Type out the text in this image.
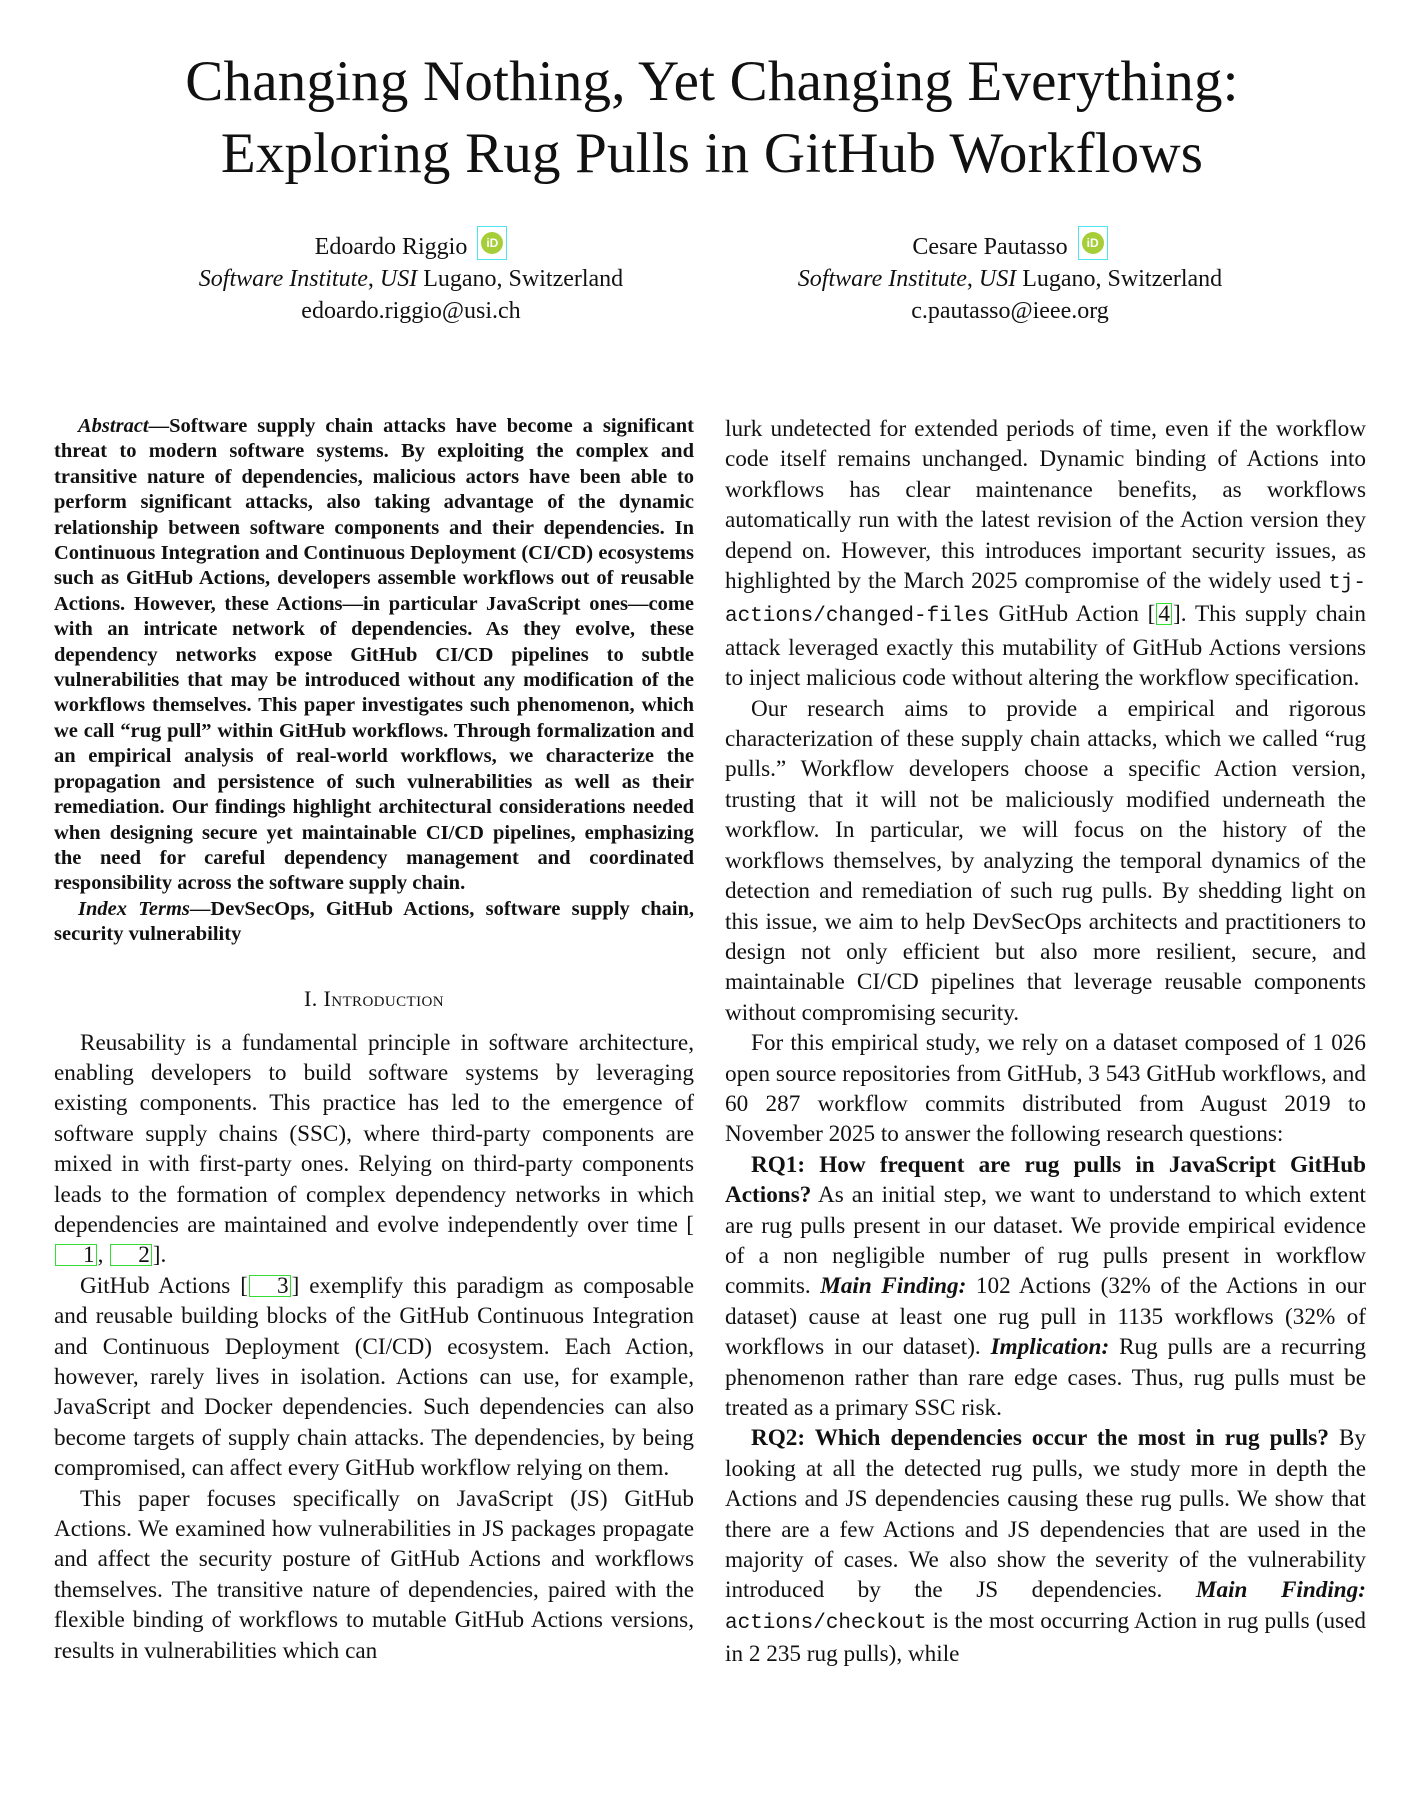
Changing Nothing, Yet Changing Everything:
Exploring Rug Pulls in GitHub Workflows
Edoardo Riggio	iD
Software Institute, USI Lugano, Switzerland
edoardo.riggio@usi.ch
Cesare Pautasso	iD
Software Institute, USI Lugano, Switzerland
c.pautasso@ieee.org

Abstract—Software supply chain attacks have become a significant threat to modern software systems. By exploiting the complex and transitive nature of dependencies, malicious actors have been able to perform significant attacks, also taking advantage of the dynamic relationship between software components and their dependencies. In Continuous Integration and Continuous Deployment (CI/CD) ecosystems such as GitHub Actions, developers assemble workflows out of reusable Actions. However, these Actions—in particular JavaScript ones—come with an intricate network of dependencies. As they evolve, these dependency networks expose GitHub CI/CD pipelines to subtle vulnerabilities that may be introduced without any modification of the workflows themselves. This paper investigates such phenomenon, which we call “rug pull” within GitHub workflows. Through formalization and an empirical analysis of real-world workflows, we characterize the propagation and persistence of such vulnerabilities as well as their remediation. Our findings highlight architectural considerations needed when designing secure yet maintainable CI/CD pipelines, emphasizing the need for careful dependency management and coordinated responsibility across the software supply chain.

Index Terms—DevSecOps, GitHub Actions, software supply chain, security vulnerability

I. Introduction

Reusability is a fundamental principle in software architecture, enabling developers to build software systems by leveraging existing components. This practice has led to the emergence of software supply chains (SSC), where third-party components are mixed in with first-party ones. Relying on third-party components leads to the formation of complex dependency networks in which dependencies are maintained and evolve independently over time [1 , 2 ].

GitHub Actions [ 3 ] exemplify this paradigm as composable and reusable building blocks of the GitHub Continuous Integration and Continuous Deployment (CI/CD) ecosystem. Each Action, however, rarely lives in isolation. Actions can use, for example, JavaScript and Docker dependencies. Such dependencies can also become targets of supply chain attacks. The dependencies, by being compromised, can affect every GitHub workflow relying on them.

This paper focuses specifically on JavaScript (JS) GitHub Actions. We examined how vulnerabilities in JS packages propagate and affect the security posture of GitHub Actions and workflows themselves. The transitive nature of dependencies, paired with the flexible binding of workflows to mutable GitHub Actions versions, results in vulnerabilities which can

lurk undetected for extended periods of time, even if the workflow code itself remains unchanged. Dynamic binding of Actions into workflows has clear maintenance benefits, as workflows automatically run with the latest revision of the Action version they depend on. However, this introduces important security issues, as highlighted by the March 2025 compromise of the widely used tj-actions/changed-files GitHub Action [ 4 ]. This supply chain attack leveraged exactly this mutability of GitHub Actions versions to inject malicious code without altering the workflow specification.

Our research aims to provide a empirical and rigorous characterization of these supply chain attacks, which we called “rug pulls.” Workflow developers choose a specific Action version, trusting that it will not be maliciously modified underneath the workflow. In particular, we will focus on the history of the workflows themselves, by analyzing the temporal dynamics of the detection and remediation of such rug pulls. By shedding light on this issue, we aim to help DevSecOps architects and practitioners to design not only efficient but also more resilient, secure, and maintainable CI/CD pipelines that leverage reusable components without compromising security.

For this empirical study, we rely on a dataset composed of 1 026 open source repositories from GitHub, 3 543 GitHub workflows, and 60 287 workflow commits distributed from August 2019 to November 2025 to answer the following research questions:

RQ1: How frequent are rug pulls in JavaScript GitHub Actions? As an initial step, we want to understand to which extent are rug pulls present in our dataset. We provide empirical evidence of a non negligible number of rug pulls present in workflow commits. Main Finding: 102 Actions (32% of the Actions in our dataset) cause at least one rug pull in 1135 workflows (32% of workflows in our dataset). Implication: Rug pulls are a recurring phenomenon rather than rare edge cases. Thus, rug pulls must be treated as a primary SSC risk.

RQ2: Which dependencies occur the most in rug pulls? By looking at all the detected rug pulls, we study more in depth the Actions and JS dependencies causing these rug pulls. We show that there are a few Actions and JS dependencies that are used in the majority of cases. We also show the severity of the vulnerability introduced by the JS dependencies. Main Finding: actions/checkout is the most occurring Action in rug pulls (used in 2 235 rug pulls), while
